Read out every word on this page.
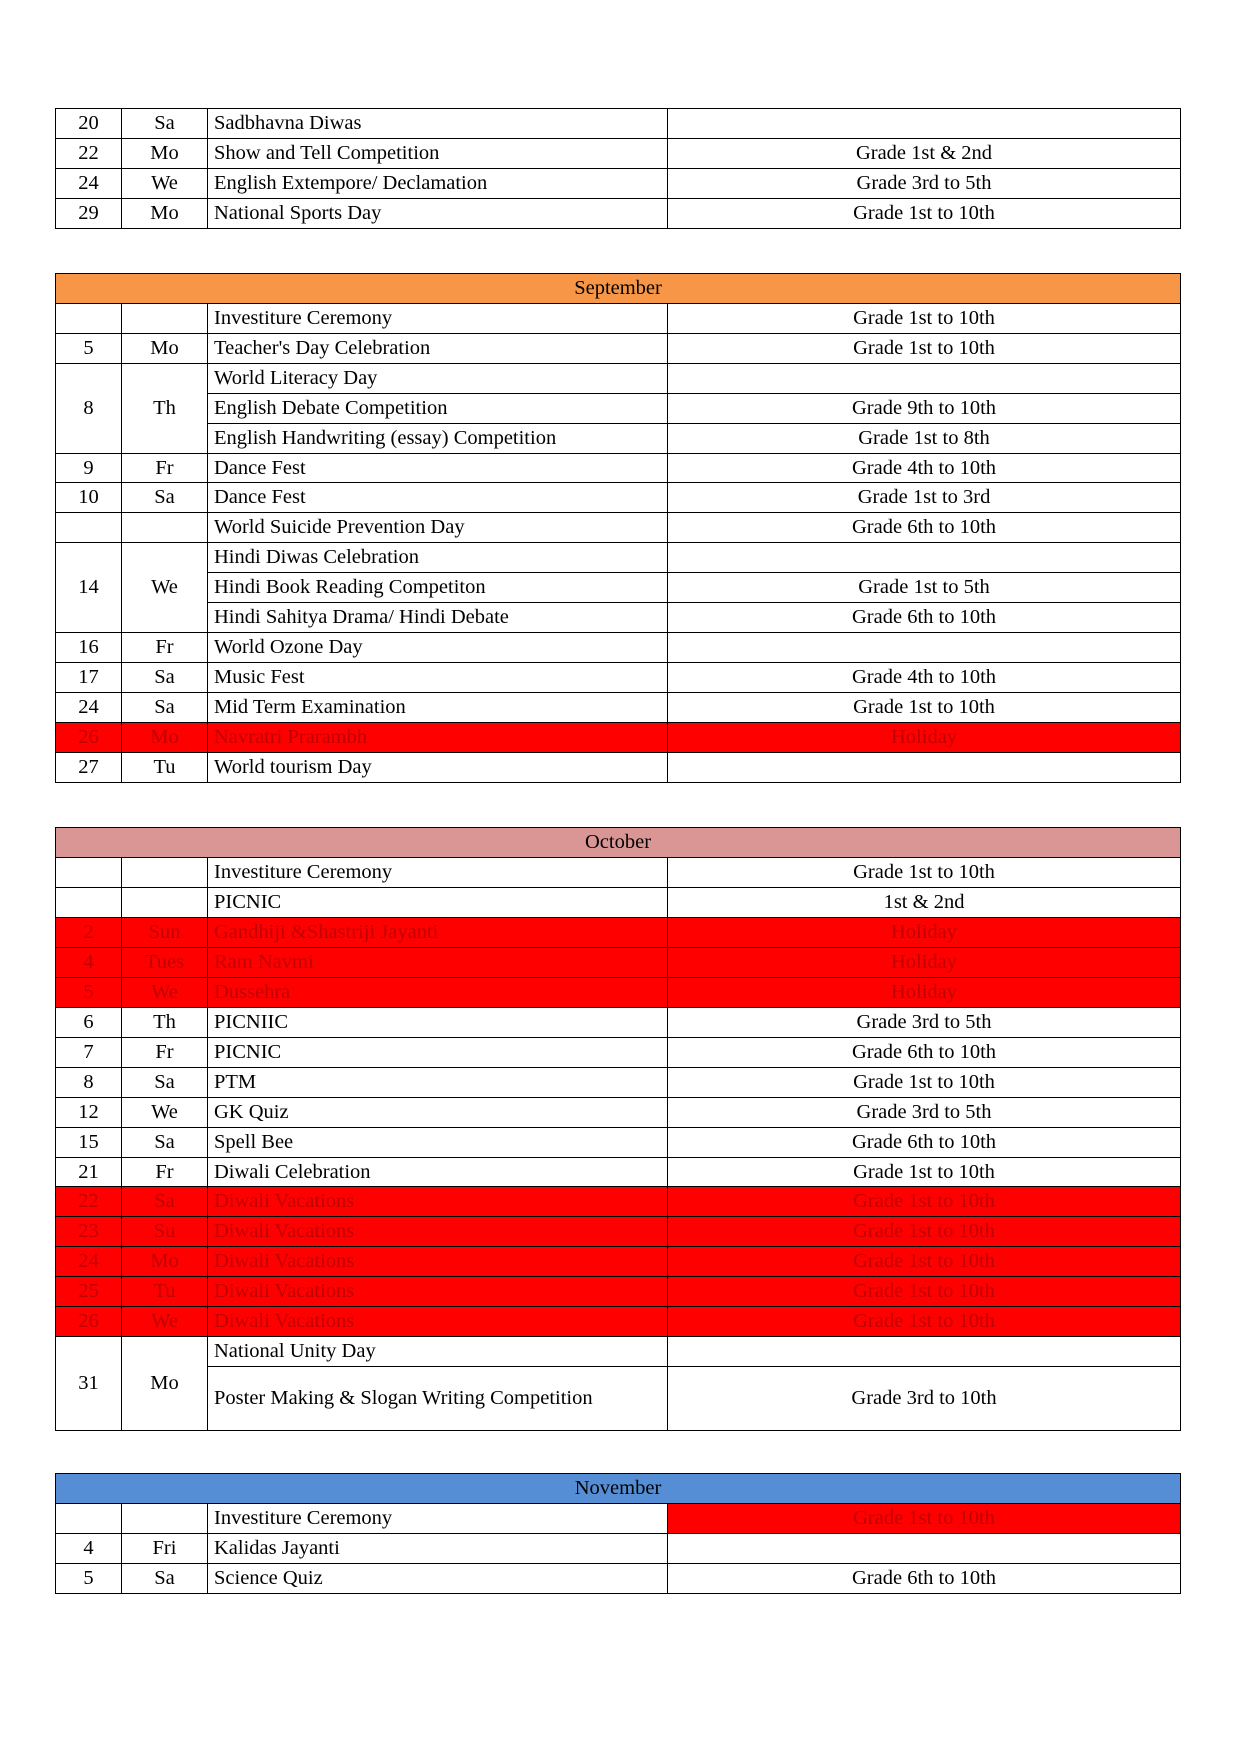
20	Sa	Sadbhavna Diwas	
22	Mo	Show and Tell Competition	Grade 1st & 2nd
24	We	English Extempore/ Declamation	Grade 3rd to 5th
29	Mo	National Sports Day	Grade 1st to 10th
September			
		Investiture Ceremony	Grade 1st to 10th
5	Mo	Teacher's Day Celebration	Grade 1st to 10th
8	Th	World Literacy Day	
		English Debate Competition	Grade 9th to 10th
		English Handwriting (essay) Competition	Grade 1st to 8th
9	Fr	Dance Fest	Grade 4th to 10th
10	Sa	Dance Fest	Grade 1st to 3rd
		World Suicide Prevention Day	Grade 6th to 10th
14	We	Hindi Diwas Celebration	
		Hindi Book Reading Competiton	Grade 1st to 5th
		Hindi Sahitya Drama/ Hindi Debate	Grade 6th to 10th
16	Fr	World Ozone Day	
17	Sa	Music Fest	Grade 4th to 10th
24	Sa	Mid Term Examination	Grade 1st to 10th
26	Mo	Navratri Prarambh	Holiday
27	Tu	World tourism Day	
October			
		Investiture Ceremony	Grade 1st to 10th
		PICNIC	1st & 2nd
2	Sun	Gandhiji &Shastriji Jayanti	Holiday
4	Tues	Ram Navmi	Holiday
5	We	Dussehra	Holiday
6	Th	PICNIIC	Grade 3rd to 5th
7	Fr	PICNIC	Grade 6th to 10th
8	Sa	PTM	Grade 1st to 10th
12	We	GK Quiz	Grade 3rd to 5th
15	Sa	Spell Bee	Grade 6th to 10th
21	Fr	Diwali Celebration	Grade 1st to 10th
22	Sa	Diwali Vacations	Grade 1st to 10th
23	Su	Diwali Vacations	Grade 1st to 10th
24	Mo	Diwali Vacations	Grade 1st to 10th
25	Tu	Diwali Vacations	Grade 1st to 10th
26	We	Diwali Vacations	Grade 1st to 10th
31	Mo	National Unity Day	
		Poster Making & Slogan Writing Competition	Grade 3rd to 10th
November			
		Investiture Ceremony	Grade 1st to 10th
4	Fri	Kalidas Jayanti	
5	Sa	Science Quiz	Grade 6th to 10th
